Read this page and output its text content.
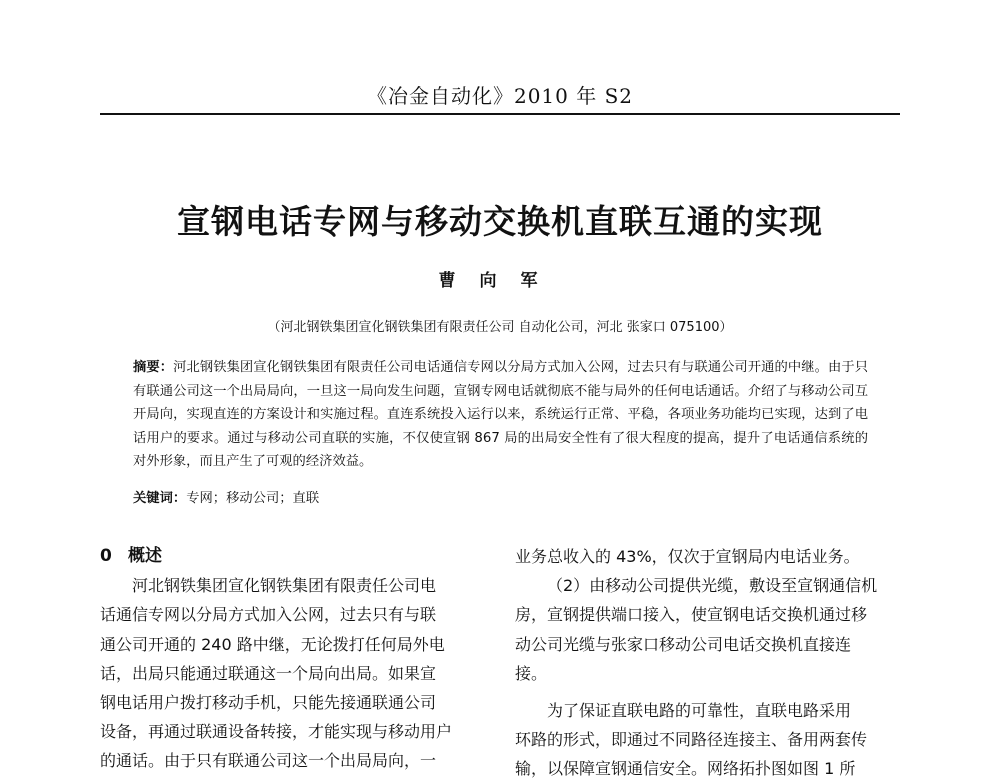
《冶金自动化》2010 年 S2
宣钢电话专网与移动交换机直联互通的实现
曹向军
（河北钢铁集团宣化钢铁集团有限责任公司 自动化公司，河北 张家口 075100）
摘要：河北钢铁集团宣化钢铁集团有限责任公司电话通信专网以分局方式加入公网，过去只有与联通公司开通的中继。由于只有联通公司这一个出局局向，一旦这一局向发生问题，宣钢专网电话就彻底不能与局外的任何电话通话。介绍了与移动公司互开局向，实现直连的方案设计和实施过程。直连系统投入运行以来，系统运行正常、平稳，各项业务功能均已实现，达到了电话用户的要求。通过与移动公司直联的实施，不仅使宣钢 867 局的出局安全性有了很大程度的提高，提升了电话通信系统的对外形象，而且产生了可观的经济效益。
关键词：专网；移动公司；直联
0 概述
河北钢铁集团宣化钢铁集团有限责任公司电
话通信专网以分局方式加入公网，过去只有与联
通公司开通的 240 路中继，无论拨打任何局外电
话，出局只能通过联通这一个局向出局。如果宣
钢电话用户拨打移动手机，只能先接通联通公司
设备，再通过联通设备转接，才能实现与移动用户
的通话。由于只有联通公司这一个出局局向，一
业务总收入的 43%，仅次于宣钢局内电话业务。
（2）由移动公司提供光缆，敷设至宣钢通信机
房，宣钢提供端口接入，使宣钢电话交换机通过移
动公司光缆与张家口移动公司电话交换机直接连
接。
为了保证直联电路的可靠性，直联电路采用
环路的形式，即通过不同路径连接主、备用两套传
输，以保障宣钢通信安全。网络拓扑图如图 1 所
